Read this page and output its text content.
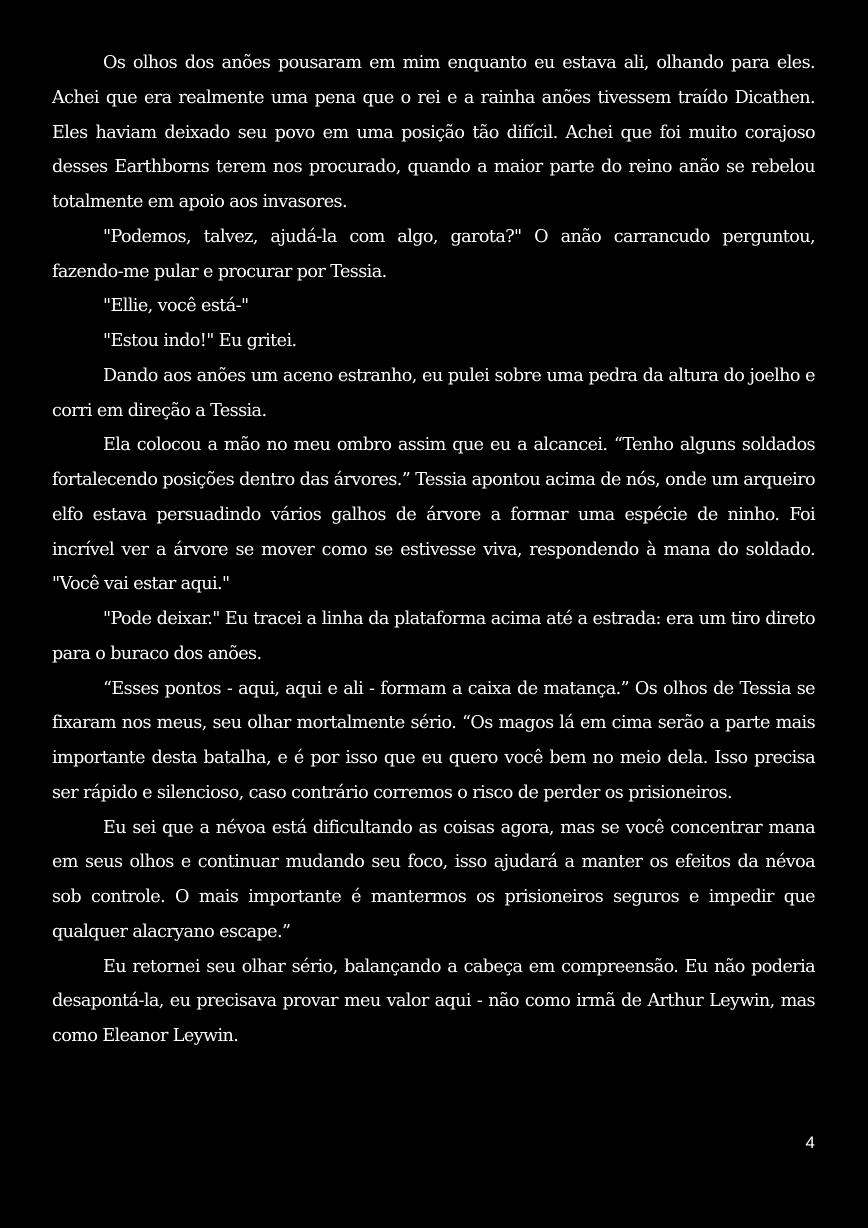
Os olhos dos anões pousaram em mim enquanto eu estava ali, olhando para eles. Achei que era realmente uma pena que o rei e a rainha anões tivessem traído Dicathen. Eles haviam deixado seu povo em uma posição tão difícil. Achei que foi muito corajoso desses Earthborns terem nos procurado, quando a maior parte do reino anão se rebelou totalmente em apoio aos invasores.

"Podemos, talvez, ajudá-la com algo, garota?" O anão carrancudo perguntou, fazendo-me pular e procurar por Tessia.

"Ellie, você está-"

"Estou indo!" Eu gritei.

Dando aos anões um aceno estranho, eu pulei sobre uma pedra da altura do joelho e corri em direção a Tessia.

Ela colocou a mão no meu ombro assim que eu a alcancei. “Tenho alguns soldados fortalecendo posições dentro das árvores.” Tessia apontou acima de nós, onde um arqueiro elfo estava persuadindo vários galhos de árvore a formar uma espécie de ninho. Foi incrível ver a árvore se mover como se estivesse viva, respondendo à mana do soldado. "Você vai estar aqui."

"Pode deixar." Eu tracei a linha da plataforma acima até a estrada: era um tiro direto para o buraco dos anões.

“Esses pontos - aqui, aqui e ali - formam a caixa de matança.” Os olhos de Tessia se fixaram nos meus, seu olhar mortalmente sério. “Os magos lá em cima serão a parte mais importante desta batalha, e é por isso que eu quero você bem no meio dela. Isso precisa ser rápido e silencioso, caso contrário corremos o risco de perder os prisioneiros.

Eu sei que a névoa está dificultando as coisas agora, mas se você concentrar mana em seus olhos e continuar mudando seu foco, isso ajudará a manter os efeitos da névoa sob controle. O mais importante é mantermos os prisioneiros seguros e impedir que qualquer alacryano escape.”

Eu retornei seu olhar sério, balançando a cabeça em compreensão. Eu não poderia desapontá-la, eu precisava provar meu valor aqui - não como irmã de Arthur Leywin, mas como Eleanor Leywin.

4
